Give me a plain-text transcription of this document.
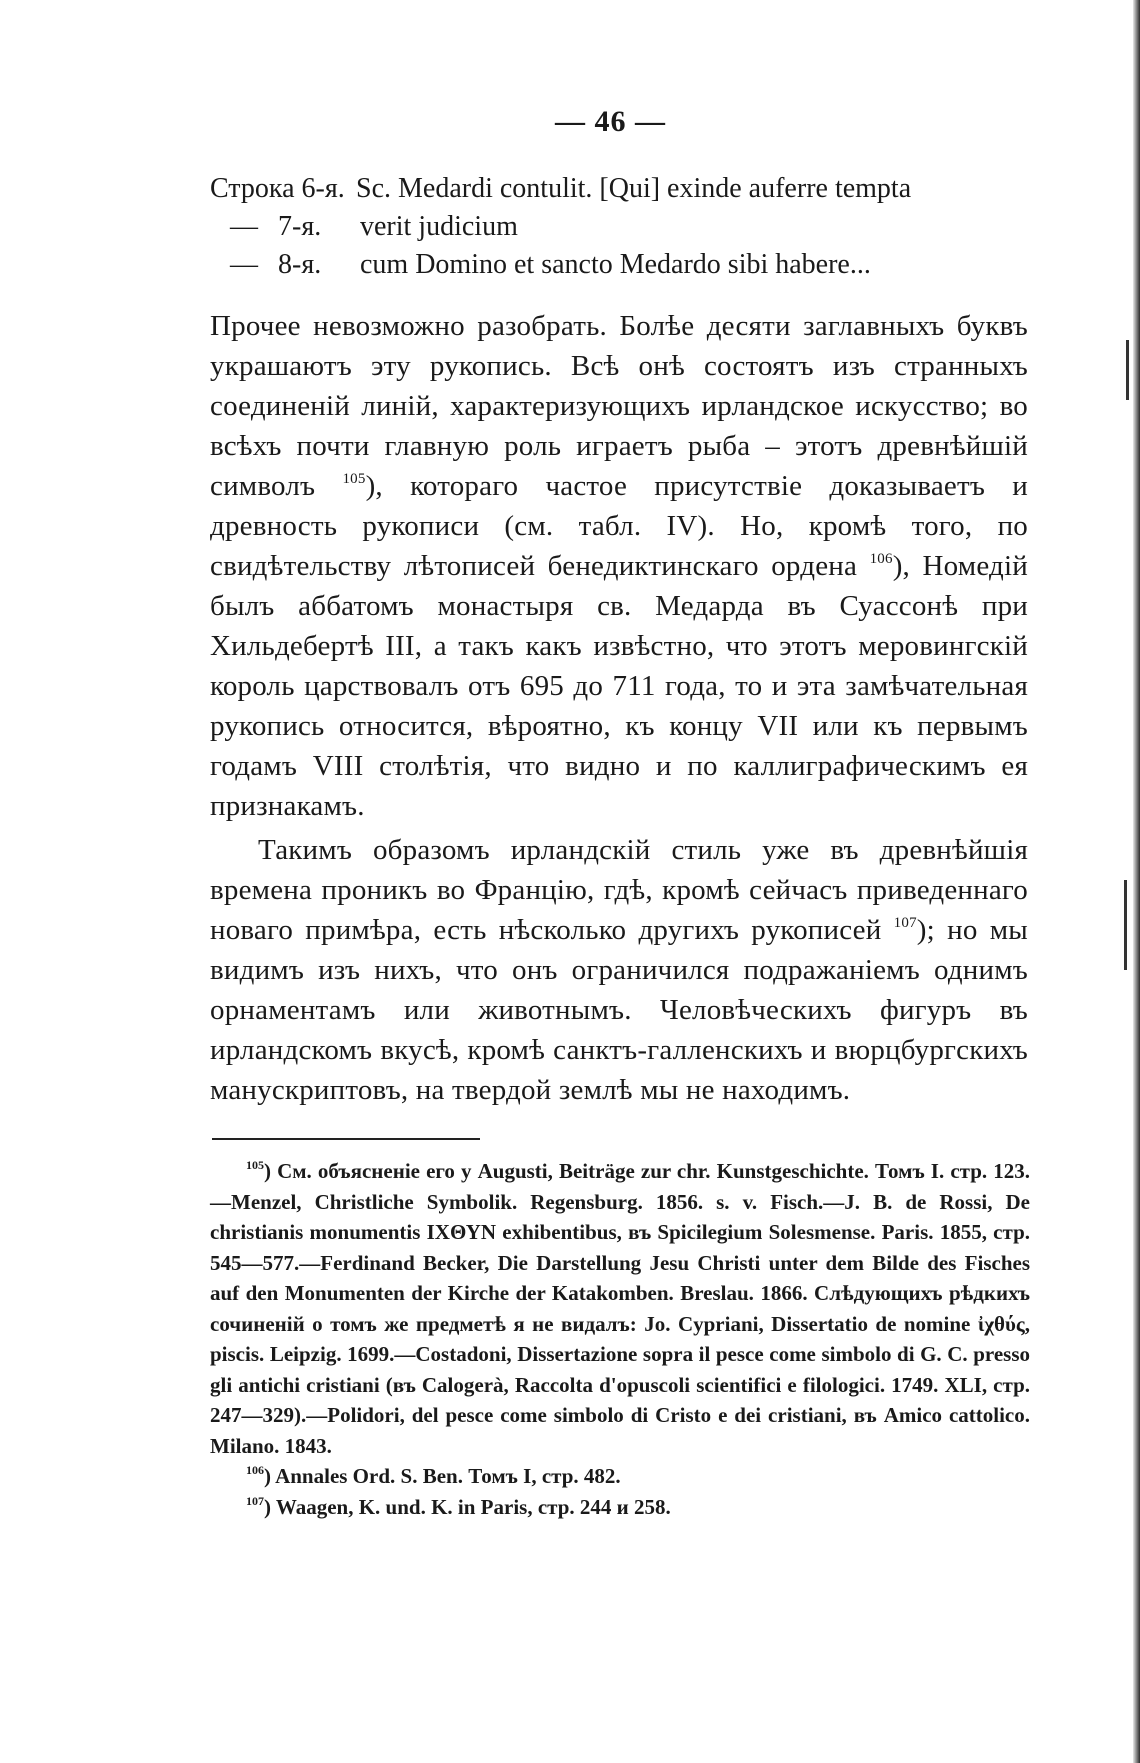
— 46 —
Строка 6-я. Sc. Medardi contulit. [Qui] exinde auferre tempta
— 7-я. verit judicium
— 8-я. cum Domino et sancto Medardo sibi habere...

Прочее невозможно разобрать. Болѣе десяти заглавныхъ буквъ украшаютъ эту рукопись. Всѣ онѣ состоятъ изъ странныхъ соединеній линій, характеризующихъ ирландское искусство; во всѣхъ почти главную роль играетъ рыба – этотъ древнѣйшій символъ $^{105}$), котораго частое присутствіе доказываетъ и древность рукописи (см. табл. IV). Но, кромѣ того, по свидѣтельству лѣтописей бенедиктинскаго ордена $^{106}$), Номедій былъ аббатомъ монастыря св. Медарда въ Суассонѣ при Хильдебертѣ III, а такъ какъ извѣстно, что этотъ меровингскій король царствовалъ отъ 695 до 711 года, то и эта замѣчательная рукопись относится, вѣроятно, къ концу VII или къ первымъ годамъ VIII столѣтія, что видно и по каллиграфическимъ ея признакамъ.

Такимъ образомъ ирландскій стиль уже въ древнѣйшія времена проникъ во Францію, гдѣ, кромѣ сейчасъ приведеннаго новаго примѣра, есть нѣсколько другихъ рукописей $^{107}$); но мы видимъ изъ нихъ, что онъ ограничился подражаніемъ однимъ орнаментамъ или животнымъ. Человѣческихъ фигуръ въ ирландскомъ вкусѣ, кромѣ санктъ-галленскихъ и вюрцбургскихъ манускриптовъ, на твердой землѣ мы не находимъ.

$^{105}$) См. объясненіе его у Augusti, Beiträge zur chr. Kunstgeschichte. Томъ I. стр. 123.—Menzel, Christliche Symbolik. Regensburg. 1856. s. v. Fisch.—J. B. de Rossi, De christianis monumentis ΙΧΘΥΝ exhibentibus, въ Spicilegium Solesmense. Paris. 1855, стр. 545—577.—Ferdinand Becker, Die Darstellung Jesu Christi unter dem Bilde des Fisches auf den Monumenten der Kirche der Katakomben. Breslau. 1866. Слѣдующихъ рѣдкихъ сочиненій о томъ же предметѣ я не видалъ: Jo. Cypriani, Dissertatio de nomine ἰχθύς, piscis. Leipzig. 1699.—Costadoni, Dissertazione sopra il pesce come simbolo di G. C. presso gli antichi cristiani (въ Calogerà, Raccolta d'opuscoli scientifici e filologici. 1749. XLI, стр. 247—329).—Polidori, del pesce come simbolo di Cristo e dei cristiani, въ Amico cattolico. Milano. 1843.

$^{106}$) Annales Ord. S. Ben. Томъ I, стр. 482.

$^{107}$) Waagen, K. und. K. in Paris, стр. 244 и 258.
